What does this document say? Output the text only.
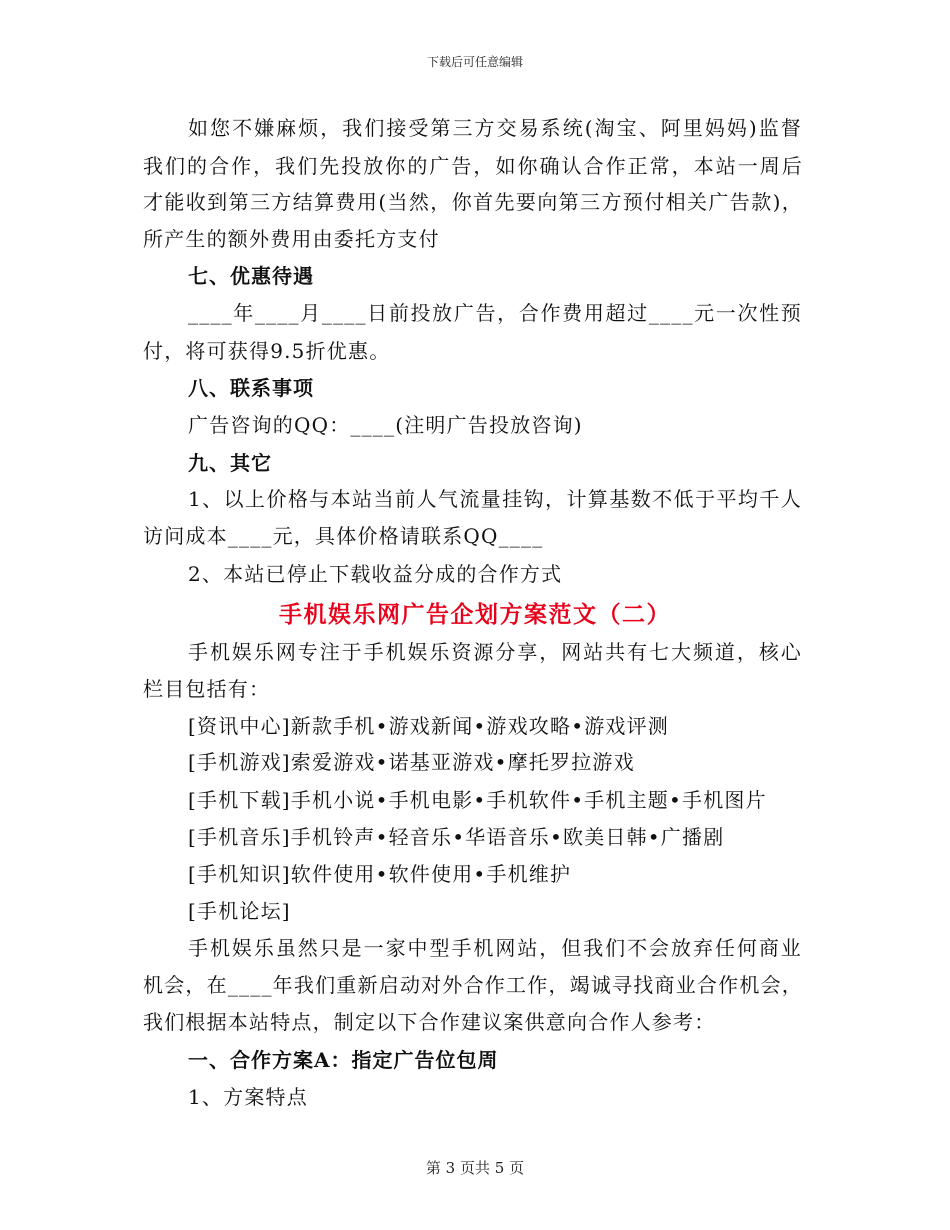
下载后可任意编辑
如您不嫌麻烦，我们接受第三方交易系统(淘宝、阿里妈妈)监督
我们的合作，我们先投放你的广告，如你确认合作正常，本站一周后
才能收到第三方结算费用(当然，你首先要向第三方预付相关广告款)，
所产生的额外费用由委托方支付
七、优惠待遇
____年____月____日前投放广告，合作费用超过____元一次性预
付，将可获得9.5折优惠。
八、联系事项
广告咨询的QQ：____(注明广告投放咨询)
九、其它
1、以上价格与本站当前人气流量挂钩，计算基数不低于平均千人
访问成本____元，具体价格请联系QQ____
2、本站已停止下载收益分成的合作方式
手机娱乐网广告企划方案范文（二）
手机娱乐网专注于手机娱乐资源分享，网站共有七大频道，核心
栏目包括有：
[资讯中心]新款手机•游戏新闻•游戏攻略•游戏评测
[手机游戏]索爱游戏•诺基亚游戏•摩托罗拉游戏
[手机下载]手机小说•手机电影•手机软件•手机主题•手机图片
[手机音乐]手机铃声•轻音乐•华语音乐•欧美日韩•广播剧
[手机知识]软件使用•软件使用•手机维护
[手机论坛]
手机娱乐虽然只是一家中型手机网站，但我们不会放弃任何商业
机会，在____年我们重新启动对外合作工作，竭诚寻找商业合作机会，
我们根据本站特点，制定以下合作建议案供意向合作人参考：
一、合作方案A：指定广告位包周
1、方案特点
第 3 页共 5 页
